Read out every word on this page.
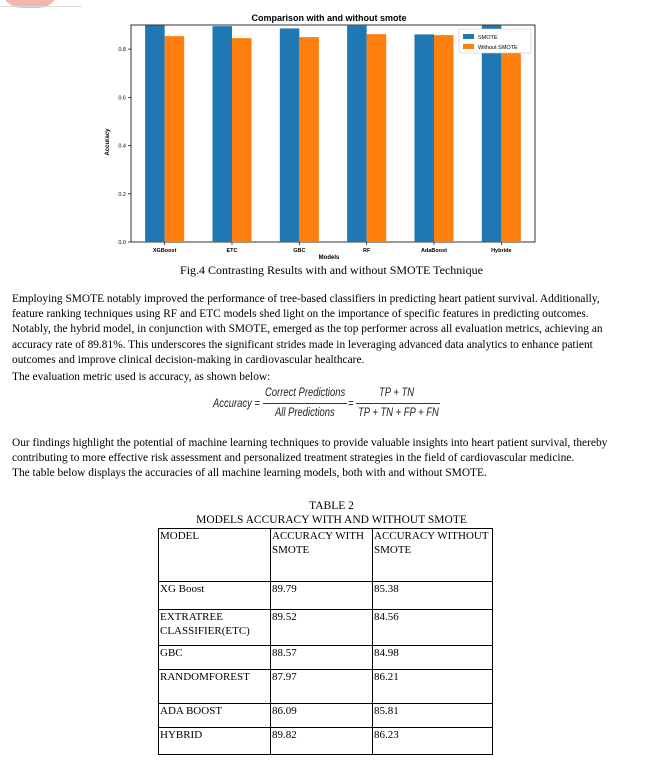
Comparison with and without smote
0.0
0.2
0.4
0.6
0.8
XGBoost	ETC	GBC	RF	AdaBoost	Hybride
SMOTE
Without SMOTE
Models
Accuracy
Fig.4 Contrasting Results with and without SMOTE Technique
Employing SMOTE notably improved the performance of tree-based classifiers in predicting heart patient survival. Additionally,
feature ranking techniques using RF and ETC models shed light on the importance of specific features in predicting outcomes.
Notably, the hybrid model, in conjunction with SMOTE, emerged as the top performer across all evaluation metrics, achieving an
accuracy rate of 89.81%. This underscores the significant strides made in leveraging advanced data analytics to enhance patient
outcomes and improve clinical decision-making in cardiovascular healthcare.
The evaluation metric used is accuracy, as shown below:
Accuracy =
Correct Predictions
All Predictions
=
TP + TN
TP + TN + FP + FN
Our findings highlight the potential of machine learning techniques to provide valuable insights into heart patient survival, thereby
contributing to more effective risk assessment and personalized treatment strategies in the field of cardiovascular medicine.
The table below displays the accuracies of all machine learning models, both with and without SMOTE.
TABLE 2
MODELS ACCURACY WITH AND WITHOUT SMOTE
MODEL	ACCURACY WITH SMOTE	ACCURACY WITHOUT SMOTE
XG Boost	89.79	85.38
EXTRATREE CLASSIFIER(ETC)	89.52	84.56
GBC	88.57	84.98
RANDOMFOREST	87.97	86.21
ADA BOOST	86.09	85.81
HYBRID	89.82	86.23
